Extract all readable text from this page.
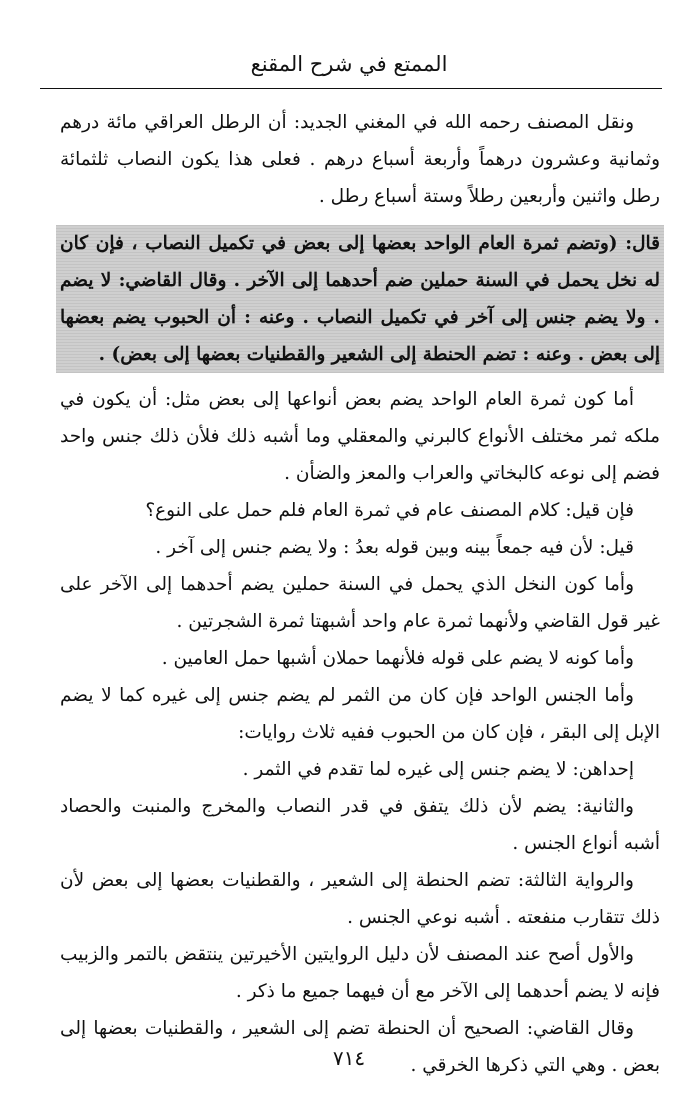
الممتع في شرح المقنع

ونقل المصنف رحمه الله في المغني الجديد: أن الرطل العراقي مائة درهم وثمانية وعشرون درهماً وأربعة أسباع درهم . فعلى هذا يكون النصاب ثلثمائة رطل واثنين وأربعين رطلاً وستة أسباع رطل .

قال: (وتضم ثمرة العام الواحد بعضها إلى بعض في تكميل النصاب ، فإن كان له نخل يحمل في السنة حملين ضم أحدهما إلى الآخر . وقال القاضي: لا يضم . ولا يضم جنس إلى آخر في تكميل النصاب . وعنه : أن الحبوب يضم بعضها إلى بعض . وعنه : تضم الحنطة إلى الشعير والقطنيات بعضها إلى بعض) .

أما كون ثمرة العام الواحد يضم بعض أنواعها إلى بعض مثل: أن يكون في ملكه ثمر مختلف الأنواع كالبرني والمعقلي وما أشبه ذلك فلأن ذلك جنس واحد فضم إلى نوعه كالبخاتي والعراب والمعز والضأن .

فإن قيل: كلام المصنف عام في ثمرة العام فلم حمل على النوع؟

قيل: لأن فيه جمعاً بينه وبين قوله بعدُ : ولا يضم جنس إلى آخر .

وأما كون النخل الذي يحمل في السنة حملين يضم أحدهما إلى الآخر على غير قول القاضي ولأنهما ثمرة عام واحد أشبهتا ثمرة الشجرتين .

وأما كونه لا يضم على قوله فلأنهما حملان أشبها حمل العامين .

وأما الجنس الواحد فإن كان من الثمر لم يضم جنس إلى غيره كما لا يضم الإبل إلى البقر ، فإن كان من الحبوب ففيه ثلاث روايات:

إحداهن: لا يضم جنس إلى غيره لما تقدم في الثمر .

والثانية: يضم لأن ذلك يتفق في قدر النصاب والمخرج والمنبت والحصاد أشبه أنواع الجنس .

والرواية الثالثة: تضم الحنطة إلى الشعير ، والقطنيات بعضها إلى بعض لأن ذلك تتقارب منفعته . أشبه نوعي الجنس .

والأول أصح عند المصنف لأن دليل الروايتين الأخيرتين ينتقض بالتمر والزبيب فإنه لا يضم أحدهما إلى الآخر مع أن فيهما جميع ما ذكر .

وقال القاضي: الصحيح أن الحنطة تضم إلى الشعير ، والقطنيات بعضها إلى بعض . وهي التي ذكرها الخرقي .

٧١٤
